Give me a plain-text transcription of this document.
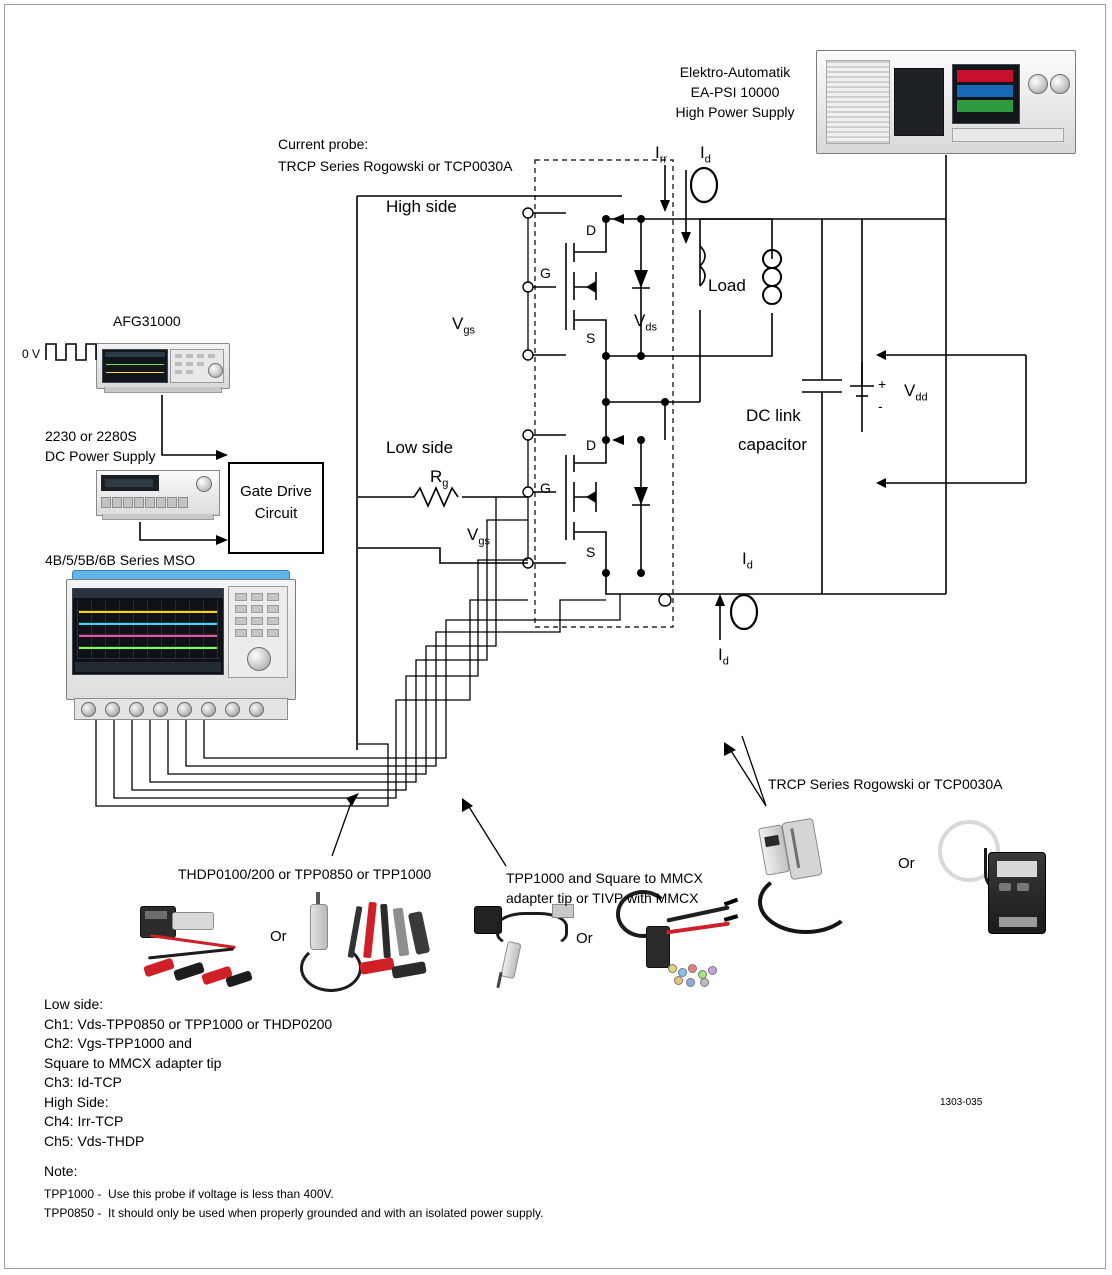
Elektro-Automatik
EA-PSI 10000
High Power Supply
Current probe:
TRCP Series Rogowski or TCP0030A
High side
Low side
AFG31000
0 V
2230 or 2280S
DC Power Supply
4B/5/5B/6B Series MSO
Gate Drive
Circuit
$R_g$
$V_{gs}$
$V_{gs}$
$V_{ds}$
$V_{dd}$
+
-
$I_{rr}$ $I_d$
$I_d$
$I_d$
Load
DC link
capacitor
D
G
S
D
G
S
THDP0100/200 or TPP0850 or TPP1000
Or
TPP1000 and Square to MMCX
adapter tip or TIVP with MMCX
Or
TRCP Series Rogowski or TCP0030A
Or
Low side:
Ch1: Vds-TPP0850 or TPP1000 or THDP0200
Ch2: Vgs-TPP1000 and
Square to MMCX adapter tip
Ch3: Id-TCP
High Side:
Ch4: Irr-TCP
Ch5: Vds-THDP
1303-035
Note:
TPP1000 -  Use this probe if voltage is less than 400V.
TPP0850 -  It should only be used when properly grounded and with an isolated power supply.
